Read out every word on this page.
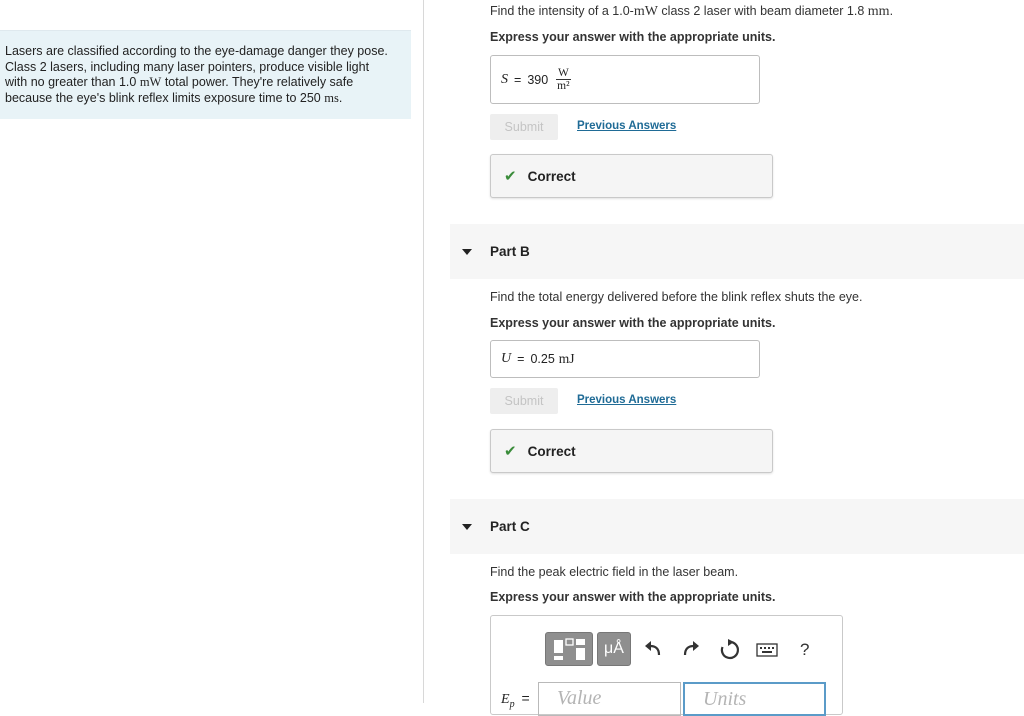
Lasers are classified according to the eye-damage danger they pose.
Class 2 lasers, including many laser pointers, produce visible light
with no greater than 1.0 mW total power. They're relatively safe
because the eye's blink reflex limits exposure time to 250 ms.
Find the intensity of a 1.0-mW class 2 laser with beam diameter 1.8 mm.
Express your answer with the appropriate units.
$S = 390 \frac{W}{\text{m²}}$
Submit	Previous Answers
✔ Correct
Part B
Find the total energy delivered before the blink reflex shuts the eye.
Express your answer with the appropriate units.
U = 0.25 mJ
Submit	Previous Answers
✔ Correct
Part C
Find the peak electric field in the laser beam.
Express your answer with the appropriate units.
μÅ	?
$E_p$ =	Value	Units
